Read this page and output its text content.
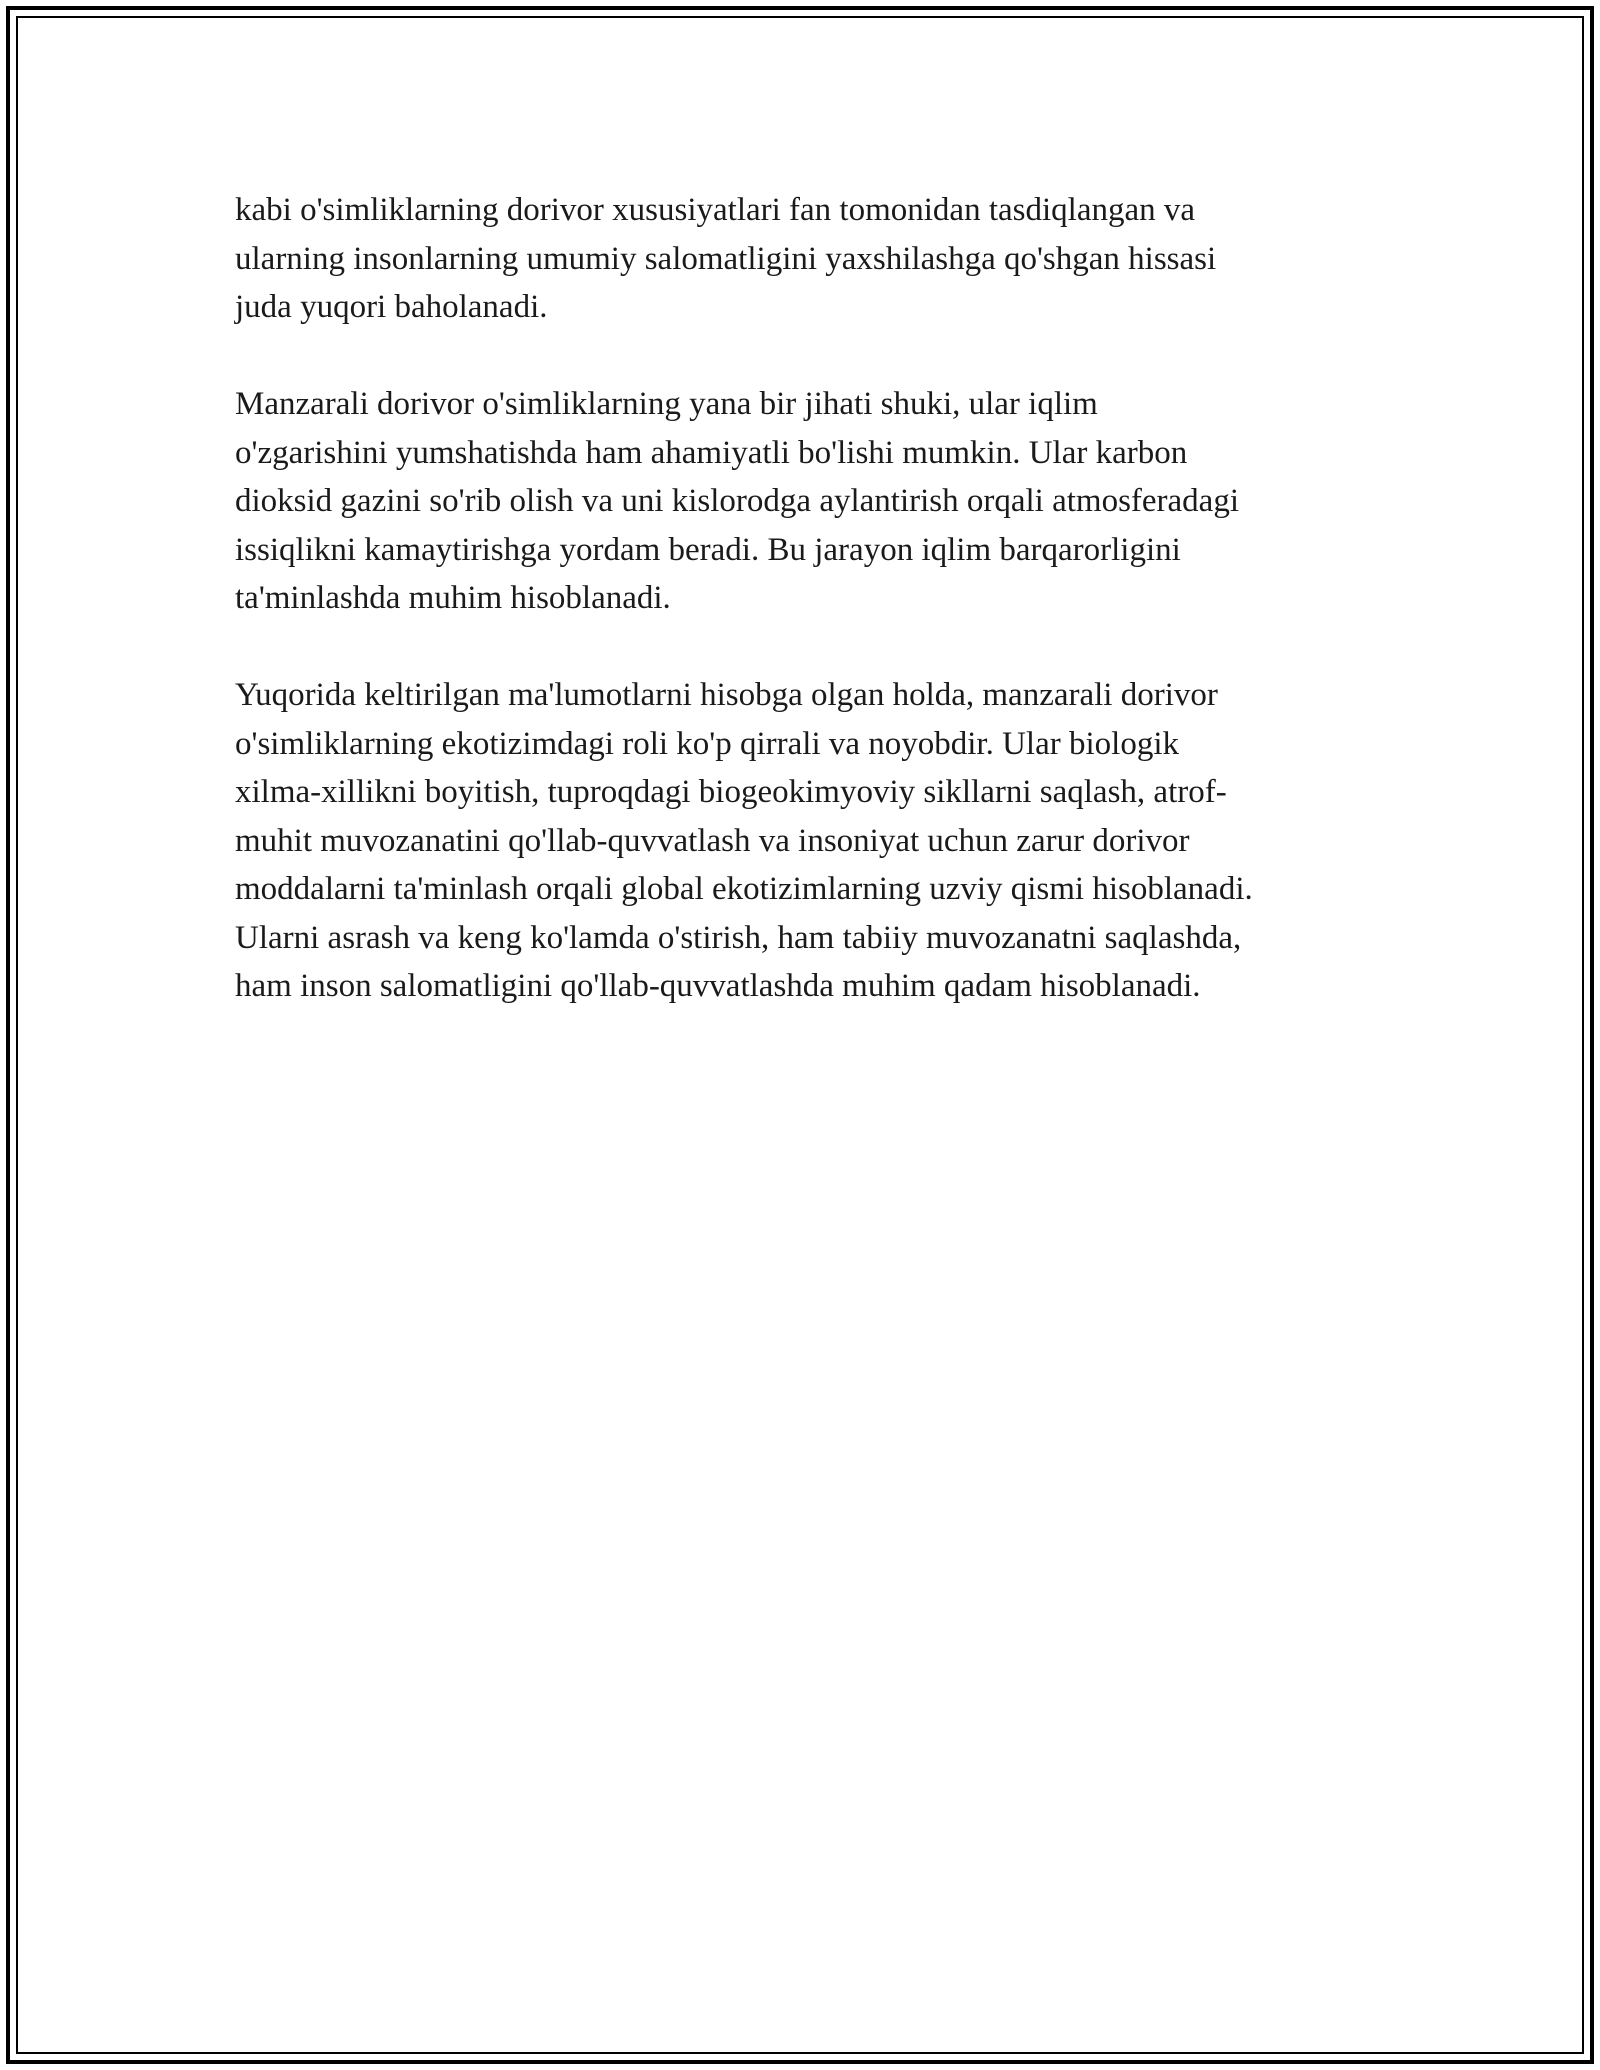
kabi o'simliklarning dorivor xususiyatlari fan tomonidan tasdiqlangan va
ularning insonlarning umumiy salomatligini yaxshilashga qo'shgan hissasi
juda yuqori baholanadi.

Manzarali dorivor o'simliklarning yana bir jihati shuki, ular iqlim
o'zgarishini yumshatishda ham ahamiyatli bo'lishi mumkin. Ular karbon
dioksid gazini so'rib olish va uni kislorodga aylantirish orqali atmosferadagi
issiqlikni kamaytirishga yordam beradi. Bu jarayon iqlim barqarorligini
ta'minlashda muhim hisoblanadi.

Yuqorida keltirilgan ma'lumotlarni hisobga olgan holda, manzarali dorivor
o'simliklarning ekotizimdagi roli ko'p qirrali va noyobdir. Ular biologik
xilma-xillikni boyitish, tuproqdagi biogeokimyoviy sikllarni saqlash, atrof-
muhit muvozanatini qo'llab-quvvatlash va insoniyat uchun zarur dorivor
moddalarni ta'minlash orqali global ekotizimlarning uzviy qismi hisoblanadi.
Ularni asrash va keng ko'lamda o'stirish, ham tabiiy muvozanatni saqlashda,
ham inson salomatligini qo'llab-quvvatlashda muhim qadam hisoblanadi.
